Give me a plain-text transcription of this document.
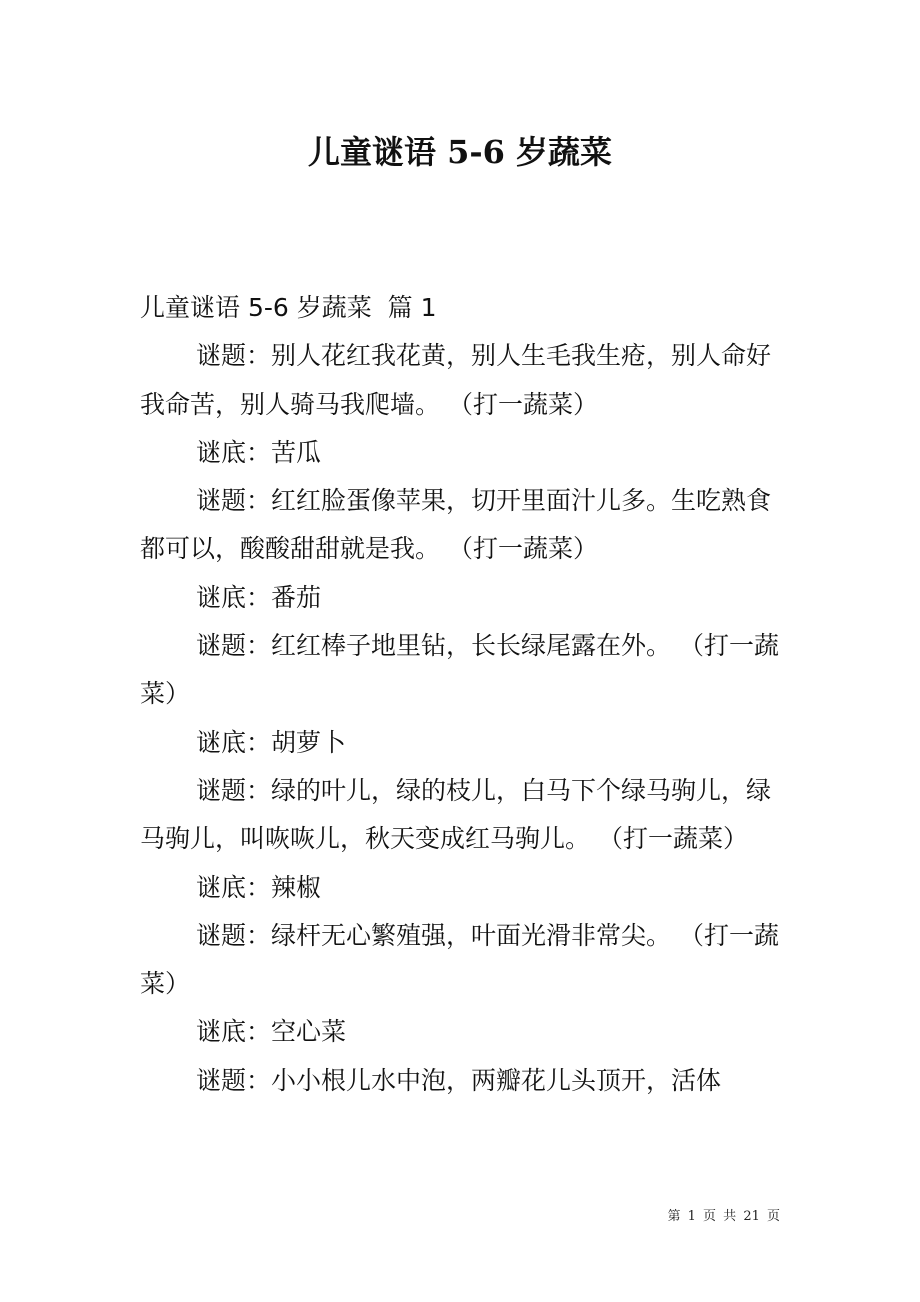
儿童谜语 5-6 岁蔬菜

儿童谜语 5-6 岁蔬菜  篇 1

谜题：别人花红我花黄，别人生毛我生疮，别人命好我命苦，别人骑马我爬墙。 （打一蔬菜）

谜底：苦瓜

谜题：红红脸蛋像苹果，切开里面汁儿多。生吃熟食都可以，酸酸甜甜就是我。 （打一蔬菜）

谜底：番茄

谜题：红红棒子地里钻，长长绿尾露在外。 （打一蔬菜）

谜底：胡萝卜

谜题：绿的叶儿，绿的枝儿，白马下个绿马驹儿，绿马驹儿，叫咴咴儿，秋天变成红马驹儿。 （打一蔬菜）

谜底：辣椒

谜题：绿杆无心繁殖强，叶面光滑非常尖。 （打一蔬菜）

谜底：空心菜

谜题：小小根儿水中泡，两瓣花儿头顶开，活体

第 1 页 共 21 页
